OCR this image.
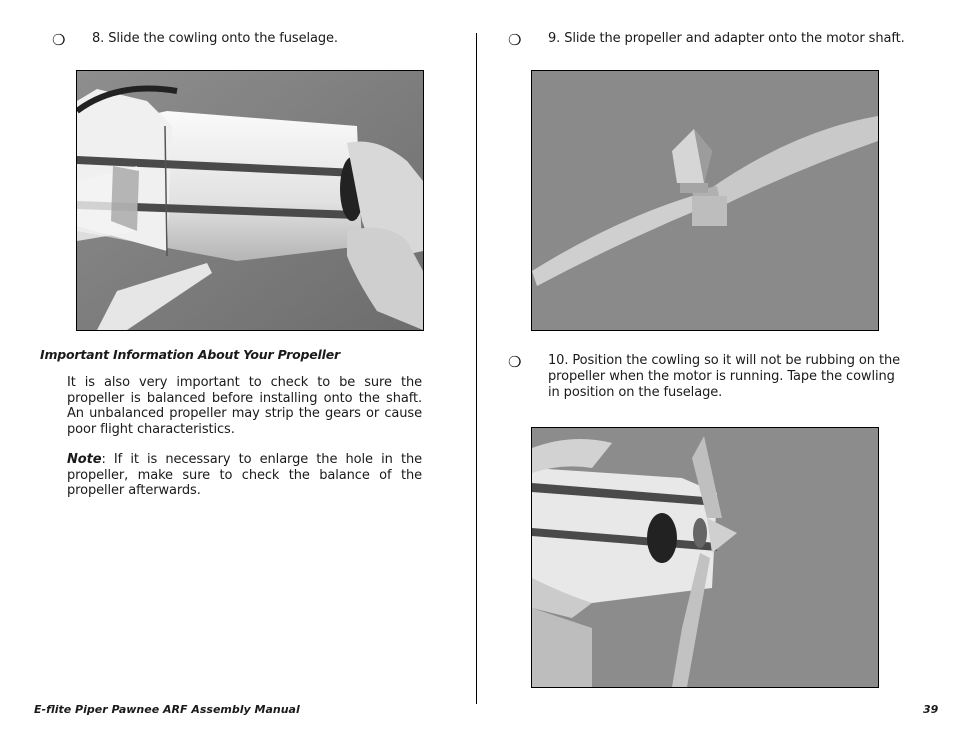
❍ 8. Slide the cowling onto the fuselage.
Important Information About Your Propeller
It is also very important to check to be sure the propeller is balanced before installing onto the shaft. An unbalanced propeller may strip the gears or cause poor flight characteristics.
Note: If it is necessary to enlarge the hole in the propeller, make sure to check the balance of the propeller afterwards.
❍ 9. Slide the propeller and adapter onto the motor shaft.
❍ 10. Position the cowling so it will not be rubbing on the propeller when the motor is running. Tape the cowling in position on the fuselage.
E-flite Piper Pawnee ARF Assembly Manual	39
